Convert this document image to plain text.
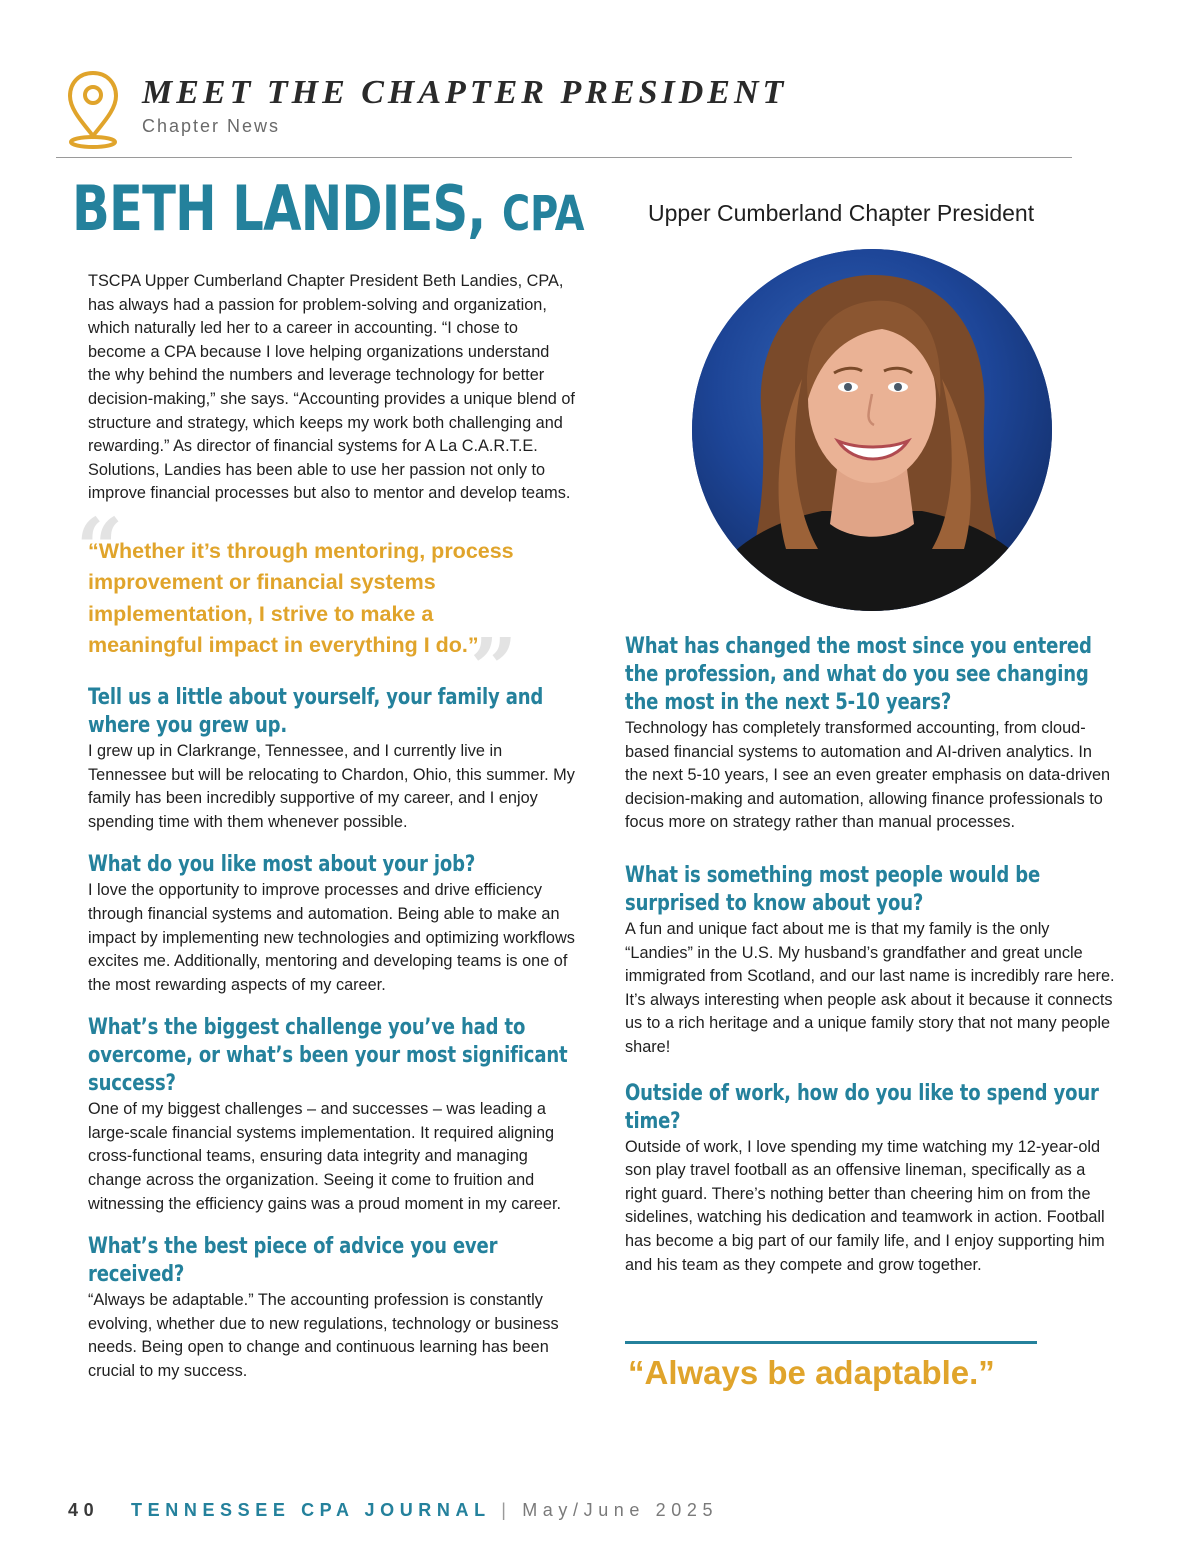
MEET THE CHAPTER PRESIDENT
Chapter News
BETH LANDIES, CPA	Upper Cumberland Chapter President

TSCPA Upper Cumberland Chapter President Beth Landies, CPA, has always had a passion for problem-solving and organization, which naturally led her to a career in accounting. “I chose to become a CPA because I love helping organizations understand the why behind the numbers and leverage technology for better decision-making,” she says. “Accounting provides a unique blend of structure and strategy, which keeps my work both challenging and rewarding.” As director of financial systems for A La C.A.R.T.E. Solutions, Landies has been able to use her passion not only to improve financial processes but also to mentor and develop teams.

“
”

“Whether it’s through mentoring, process improvement or financial systems implementation, I strive to make a meaningful impact in everything I do.”

Tell us a little about yourself, your family and where you grew up.

I grew up in Clarkrange, Tennessee, and I currently live in Tennessee but will be relocating to Chardon, Ohio, this summer. My family has been incredibly supportive of my career, and I enjoy spending time with them whenever possible.

What do you like most about your job?

I love the opportunity to improve processes and drive efficiency through financial systems and automation. Being able to make an impact by implementing new technologies and optimizing workflows excites me. Additionally, mentoring and developing teams is one of the most rewarding aspects of my career.

What’s the biggest challenge you’ve had to overcome, or what’s been your most significant success?

One of my biggest challenges – and successes – was leading a large-scale financial systems implementation. It required aligning cross-functional teams, ensuring data integrity and managing change across the organization. Seeing it come to fruition and witnessing the efficiency gains was a proud moment in my career.

What’s the best piece of advice you ever received?

“Always be adaptable.” The accounting profession is constantly evolving, whether due to new regulations, technology or business needs. Being open to change and continuous learning has been crucial to my success.

What has changed the most since you entered the profession, and what do you see changing the most in the next 5-10 years?

Technology has completely transformed accounting, from cloud-based financial systems to automation and AI-driven analytics. In the next 5-10 years, I see an even greater emphasis on data-driven decision-making and automation, allowing finance professionals to focus more on strategy rather than manual processes.

What is something most people would be surprised to know about you?

A fun and unique fact about me is that my family is the only “Landies” in the U.S. My husband’s grandfather and great uncle immigrated from Scotland, and our last name is incredibly rare here. It’s always interesting when people ask about it because it connects us to a rich heritage and a unique family story that not many people share!

Outside of work, how do you like to spend your time?

Outside of work, I love spending my time watching my 12-year-old son play travel football as an offensive lineman, specifically as a right guard. There’s nothing better than cheering him on from the sidelines, watching his dedication and teamwork in action. Football has become a big part of our family life, and I enjoy supporting him and his team as they compete and grow together.

“Always be adaptable.”

40 TENNESSEE CPA JOURNAL | May/June 2025
